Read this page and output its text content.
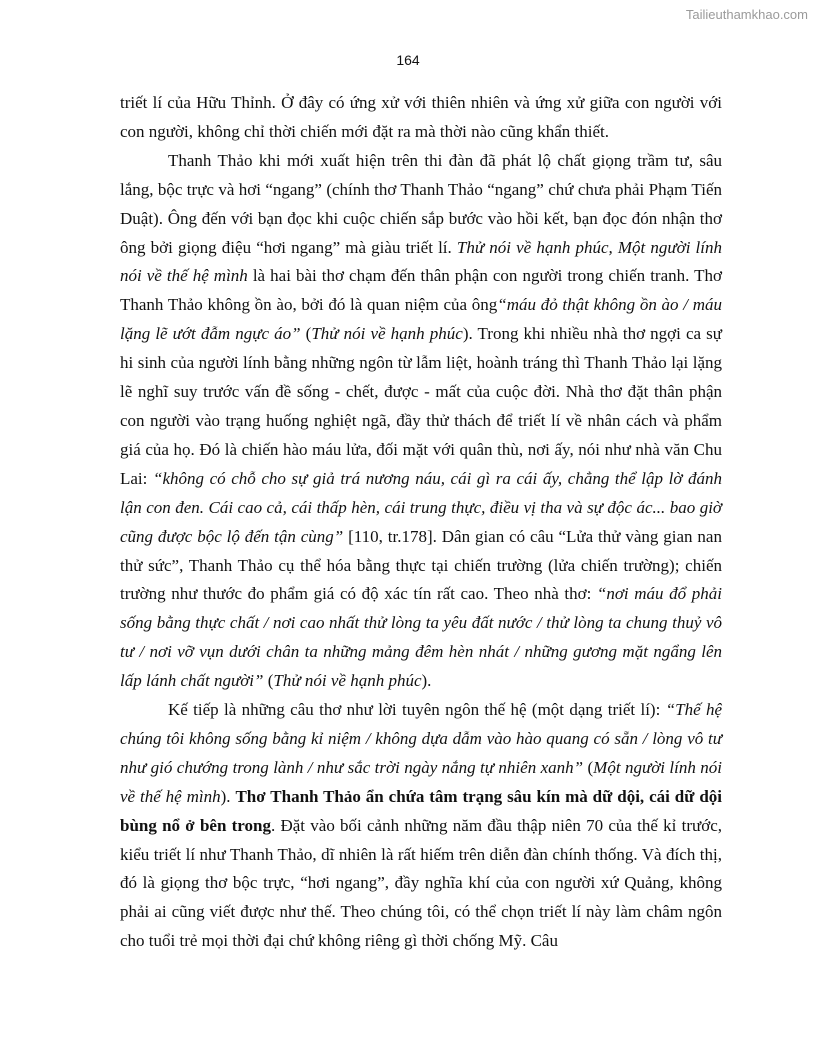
Tailieuthamkhao.com
164

triết lí của Hữu Thỉnh. Ở đây có ứng xử với thiên nhiên và ứng xử giữa con người với con người, không chỉ thời chiến mới đặt ra mà thời nào cũng khẩn thiết.

Thanh Thảo khi mới xuất hiện trên thi đàn đã phát lộ chất giọng trầm tư, sâu lắng, bộc trực và hơi “ngang” (chính thơ Thanh Thảo “ngang” chứ chưa phải Phạm Tiến Duật). Ông đến với bạn đọc khi cuộc chiến sắp bước vào hồi kết, bạn đọc đón nhận thơ ông bởi giọng điệu “hơi ngang” mà giàu triết lí. Thử nói về hạnh phúc, Một người lính nói về thế hệ mình là hai bài thơ chạm đến thân phận con người trong chiến tranh. Thơ Thanh Thảo không ồn ào, bởi đó là quan niệm của ông“máu đỏ thật không ồn ào / máu lặng lẽ ướt đẫm ngực áo” (Thử nói về hạnh phúc). Trong khi nhiều nhà thơ ngợi ca sự hi sinh của người lính bằng những ngôn từ lẫm liệt, hoành tráng thì Thanh Thảo lại lặng lẽ nghĩ suy trước vấn đề sống - chết, được - mất của cuộc đời. Nhà thơ đặt thân phận con người vào trạng huống nghiệt ngã, đầy thử thách để triết lí về nhân cách và phẩm giá của họ. Đó là chiến hào máu lửa, đối mặt với quân thù, nơi ấy, nói như nhà văn Chu Lai: “không có chỗ cho sự giả trá nương náu, cái gì ra cái ấy, chẳng thể lập lờ đánh lận con đen. Cái cao cả, cái thấp hèn, cái trung thực, điều vị tha và sự độc ác... bao giờ cũng được bộc lộ đến tận cùng” [110, tr.178]. Dân gian có câu “Lửa thử vàng gian nan thử sức”, Thanh Thảo cụ thể hóa bằng thực tại chiến trường (lửa chiến trường); chiến trường như thước đo phẩm giá có độ xác tín rất cao. Theo nhà thơ: “nơi máu đổ phải sống bằng thực chất / nơi cao nhất thử lòng ta yêu đất nước / thử lòng ta chung thuỷ vô tư / nơi vỡ vụn dưới chân ta những mảng đêm hèn nhát / những gương mặt ngẩng lên lấp lánh chất người” (Thử nói về hạnh phúc).

Kế tiếp là những câu thơ như lời tuyên ngôn thế hệ (một dạng triết lí): “Thế hệ chúng tôi không sống bằng kỉ niệm / không dựa dẫm vào hào quang có sẵn / lòng vô tư như gió chướng trong lành / như sắc trời ngày nắng tự nhiên xanh” (Một người lính nói về thế hệ mình). Thơ Thanh Thảo ẩn chứa tâm trạng sâu kín mà dữ dội, cái dữ dội bùng nổ ở bên trong. Đặt vào bối cảnh những năm đầu thập niên 70 của thế kỉ trước, kiểu triết lí như Thanh Thảo, dĩ nhiên là rất hiếm trên diễn đàn chính thống. Và đích thị, đó là giọng thơ bộc trực, “hơi ngang”, đầy nghĩa khí của con người xứ Quảng, không phải ai cũng viết được như thế. Theo chúng tôi, có thể chọn triết lí này làm châm ngôn cho tuổi trẻ mọi thời đại chứ không riêng gì thời chống Mỹ. Câu
